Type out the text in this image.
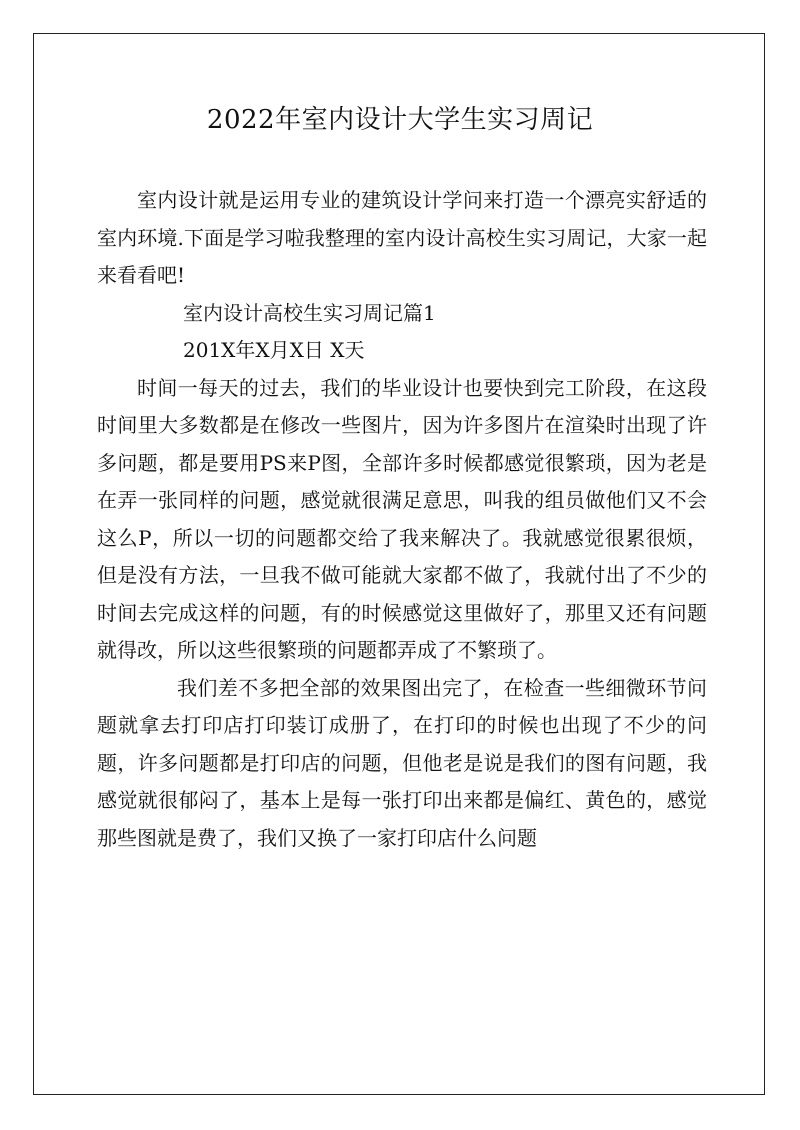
2022年室内设计大学生实习周记

室内设计就是运用专业的建筑设计学问来打造一个漂亮实舒适的室内环境.下面是学习啦我整理的室内设计高校生实习周记，大家一起来看看吧!

室内设计高校生实习周记篇1

201X年X月X日 X天

时间一每天的过去，我们的毕业设计也要快到完工阶段，在这段时间里大多数都是在修改一些图片，因为许多图片在渲染时出现了许多问题，都是要用PS来P图，全部许多时候都感觉很繁琐，因为老是在弄一张同样的问题，感觉就很满足意思，叫我的组员做他们又不会这么P，所以一切的问题都交给了我来解决了。我就感觉很累很烦，但是没有方法，一旦我不做可能就大家都不做了，我就付出了不少的时间去完成这样的问题，有的时候感觉这里做好了，那里又还有问题就得改，所以这些很繁琐的问题都弄成了不繁琐了。

我们差不多把全部的效果图出完了，在检查一些细微环节问题就拿去打印店打印装订成册了，在打印的时候也出现了不少的问题，许多问题都是打印店的问题，但他老是说是我们的图有问题，我感觉就很郁闷了，基本上是每一张打印出来都是偏红、黄色的，感觉那些图就是费了，我们又换了一家打印店什么问题
